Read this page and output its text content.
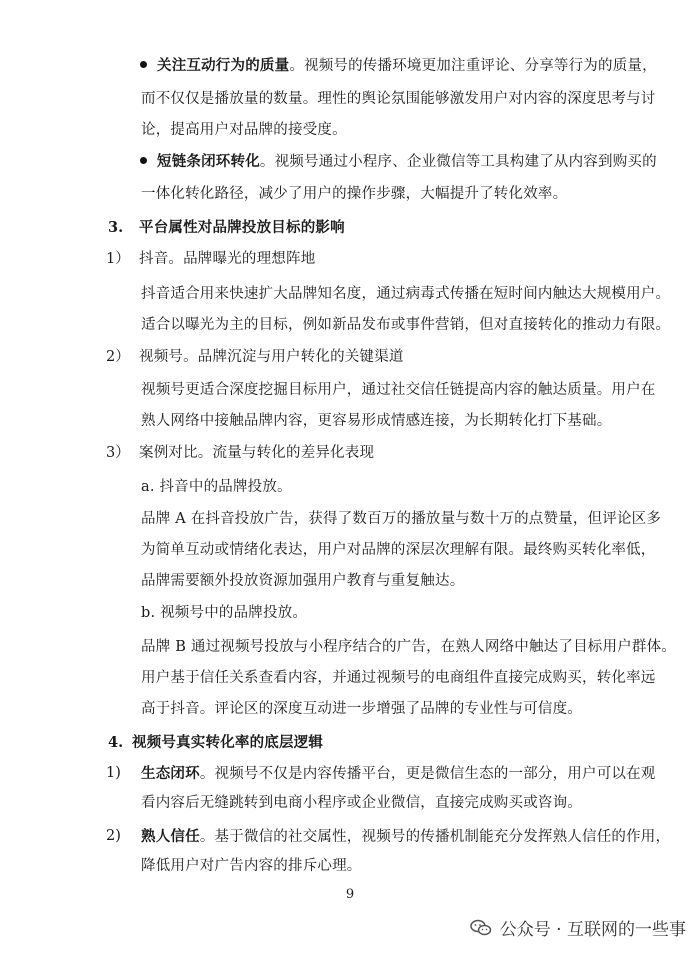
关注互动行为的质量。视频号的传播环境更加注重评论、分享等行为的质量，
而不仅仅是播放量的数量。理性的舆论氛围能够激发用户对内容的深度思考与讨
论，提高用户对品牌的接受度。
短链条闭环转化。视频号通过小程序、企业微信等工具构建了从内容到购买的
一体化转化路径，减少了用户的操作步骤，大幅提升了转化效率。
3. 平台属性对品牌投放目标的影响
1） 抖音。品牌曝光的理想阵地
抖音适合用来快速扩大品牌知名度，通过病毒式传播在短时间内触达大规模用户。
适合以曝光为主的目标，例如新品发布或事件营销，但对直接转化的推动力有限。
2） 视频号。品牌沉淀与用户转化的关键渠道
视频号更适合深度挖掘目标用户，通过社交信任链提高内容的触达质量。用户在
熟人网络中接触品牌内容，更容易形成情感连接，为长期转化打下基础。
3） 案例对比。流量与转化的差异化表现
a. 抖音中的品牌投放。
品牌 A 在抖音投放广告，获得了数百万的播放量与数十万的点赞量，但评论区多
为简单互动或情绪化表达，用户对品牌的深层次理解有限。最终购买转化率低，
品牌需要额外投放资源加强用户教育与重复触达。
b. 视频号中的品牌投放。
品牌 B 通过视频号投放与小程序结合的广告，在熟人网络中触达了目标用户群体。
用户基于信任关系查看内容，并通过视频号的电商组件直接完成购买，转化率远
高于抖音。评论区的深度互动进一步增强了品牌的专业性与可信度。
4. 视频号真实转化率的底层逻辑
1) 生态闭环。视频号不仅是内容传播平台，更是微信生态的一部分，用户可以在观
看内容后无缝跳转到电商小程序或企业微信，直接完成购买或咨询。
2) 熟人信任。基于微信的社交属性，视频号的传播机制能充分发挥熟人信任的作用，
降低用户对广告内容的排斥心理。
9
公众号 · 互联网的一些事
